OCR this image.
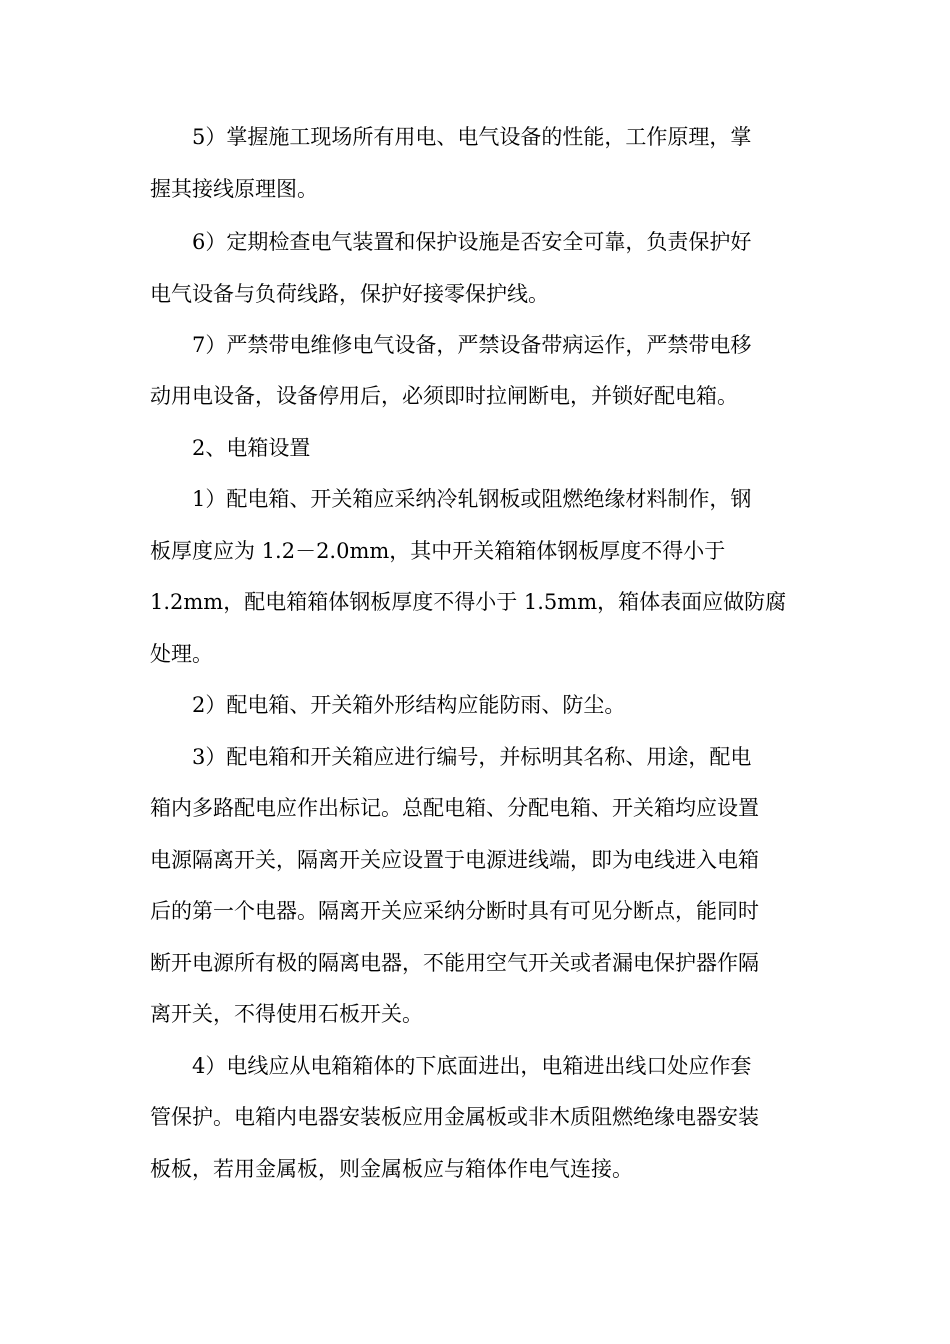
5）掌握施工现场所有用电、电气设备的性能，工作原理，掌
握其接线原理图。
6）定期检查电气装置和保护设施是否安全可靠，负责保护好
电气设备与负荷线路，保护好接零保护线。
7）严禁带电维修电气设备，严禁设备带病运作，严禁带电移
动用电设备，设备停用后，必须即时拉闸断电，并锁好配电箱。
2、电箱设置
1）配电箱、开关箱应采纳冷轧钢板或阻燃绝缘材料制作，钢
板厚度应为 1.2－2.0mm，其中开关箱箱体钢板厚度不得小于
1.2mm，配电箱箱体钢板厚度不得小于 1.5mm，箱体表面应做防腐
处理。
2）配电箱、开关箱外形结构应能防雨、防尘。
3）配电箱和开关箱应进行编号，并标明其名称、用途，配电
箱内多路配电应作出标记。总配电箱、分配电箱、开关箱均应设置
电源隔离开关，隔离开关应设置于电源进线端，即为电线进入电箱
后的第一个电器。隔离开关应采纳分断时具有可见分断点，能同时
断开电源所有极的隔离电器，不能用空气开关或者漏电保护器作隔
离开关，不得使用石板开关。
4）电线应从电箱箱体的下底面进出，电箱进出线口处应作套
管保护。电箱内电器安装板应用金属板或非木质阻燃绝缘电器安装
板板，若用金属板，则金属板应与箱体作电气连接。
